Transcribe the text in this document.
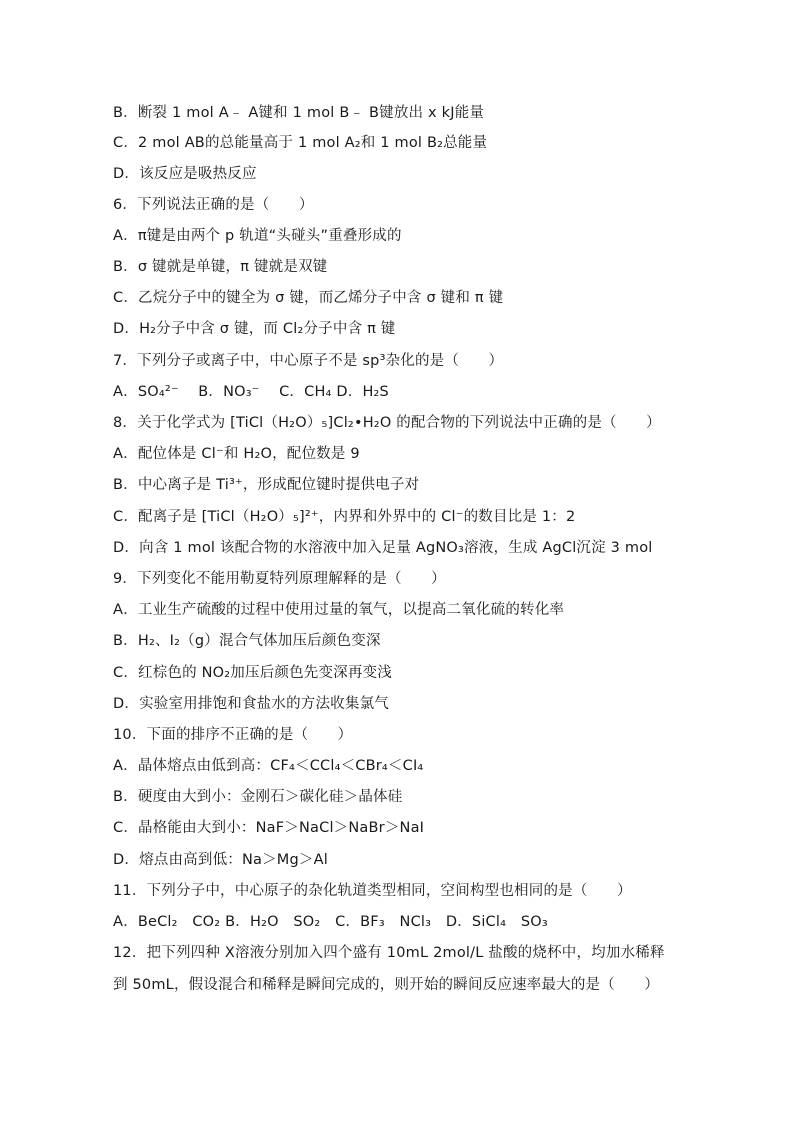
B．断裂 1 mol A﹣ A键和 1 mol B﹣ B键放出 x kJ能量
C．2 mol AB的总能量高于 1 mol A₂和 1 mol B₂总能量
D．该反应是吸热反应
6．下列说法正确的是（　　）
A．π键是由两个 p 轨道“头碰头”重叠形成的
B．σ 键就是单键，π 键就是双键
C．乙烷分子中的键全为 σ 键，而乙烯分子中含 σ 键和 π 键
D．H₂分子中含 σ 键，而 Cl₂分子中含 π 键
7．下列分子或离子中，中心原子不是 sp³杂化的是（　　）
A．SO₄²⁻　 B．NO₃⁻　 C．CH₄ D．H₂S
8．关于化学式为 [TiCl（H₂O）₅]Cl₂•H₂O 的配合物的下列说法中正确的是（　　）
A．配位体是 Cl⁻和 H₂O，配位数是 9
B．中心离子是 Ti³⁺，形成配位键时提供电子对
C．配离子是 [TiCl（H₂O）₅]²⁺，内界和外界中的 Cl⁻的数目比是 1：2
D．向含 1 mol 该配合物的水溶液中加入足量 AgNO₃溶液，生成 AgCl沉淀 3 mol
9．下列变化不能用勒夏特列原理解释的是（　　）
A．工业生产硫酸的过程中使用过量的氧气，以提高二氧化硫的转化率
B．H₂、I₂（g）混合气体加压后颜色变深
C．红棕色的 NO₂加压后颜色先变深再变浅
D．实验室用排饱和食盐水的方法收集氯气
10．下面的排序不正确的是（　　）
A．晶体熔点由低到高：CF₄＜CCl₄＜CBr₄＜CI₄
B．硬度由大到小：金刚石＞碳化硅＞晶体硅
C．晶格能由大到小：NaF＞NaCl＞NaBr＞NaI
D．熔点由高到低：Na＞Mg＞Al
11．下列分子中，中心原子的杂化轨道类型相同，空间构型也相同的是（　　）
A．BeCl₂　CO₂ B．H₂O　SO₂　C．BF₃　NCl₃　D．SiCl₄　SO₃
12．把下列四种 X溶液分别加入四个盛有 10mL 2mol/L 盐酸的烧杯中，均加水稀释
到 50mL，假设混合和稀释是瞬间完成的，则开始的瞬间反应速率最大的是（　　）
